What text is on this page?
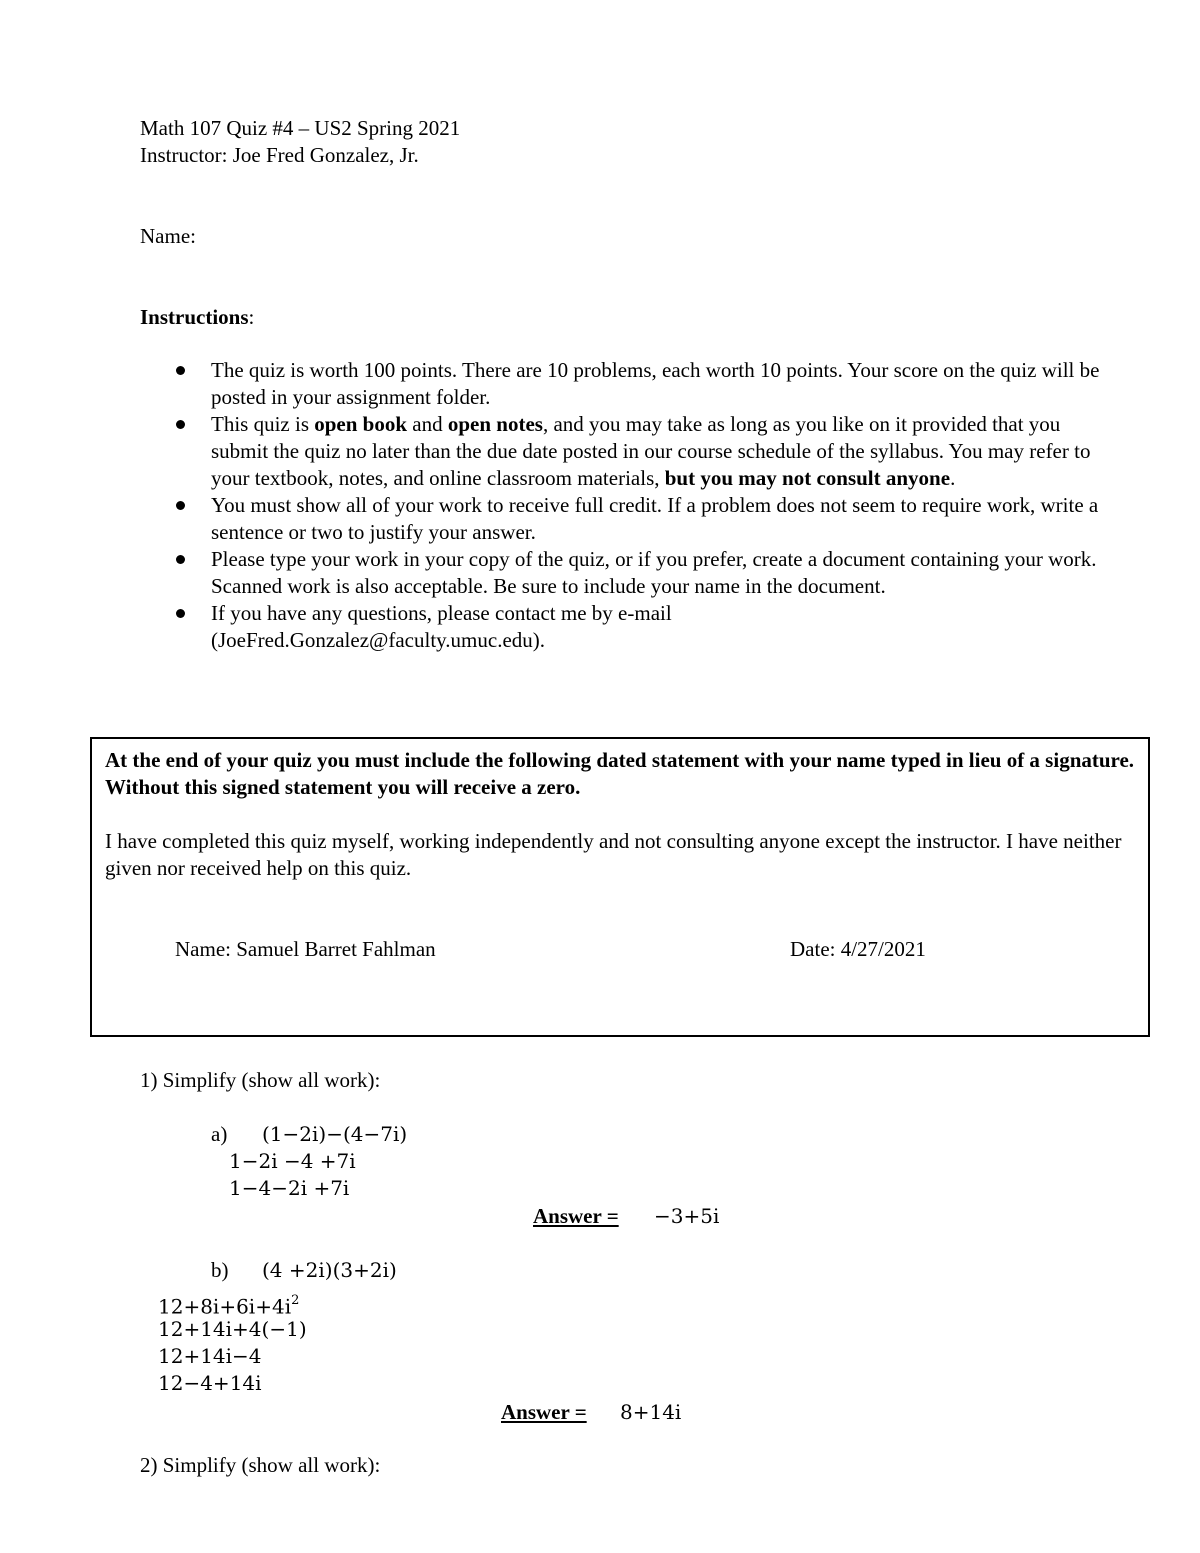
Math 107 Quiz #4 – US2 Spring 2021
Instructor: Joe Fred Gonzalez, Jr.
Name:
Instructions:
The quiz is worth 100 points. There are 10 problems, each worth 10 points. Your score on the quiz will be posted in your assignment folder.
This quiz is open book and open notes, and you may take as long as you like on it provided that you submit the quiz no later than the due date posted in our course schedule of the syllabus. You may refer to your textbook, notes, and online classroom materials, but you may not consult anyone.
You must show all of your work to receive full credit. If a problem does not seem to require work, write a sentence or two to justify your answer.
Please type your work in your copy of the quiz, or if you prefer, create a document containing your work. Scanned work is also acceptable. Be sure to include your name in the document.
If you have any questions, please contact me by e-mail
(JoeFred.Gonzalez@faculty.umuc.edu).
At the end of your quiz you must include the following dated statement with your name typed in lieu of a signature. Without this signed statement you will receive a zero.
I have completed this quiz myself, working independently and not consulting anyone except the instructor. I have neither given nor received help on this quiz.
Name: Samuel Barret Fahlman	Date: 4/27/2021
1) Simplify (show all work):
a) (1−2i)−(4−7i)
1−2i −4 +7i
1−4−2i +7i
Answer = −3+5i
b) (4 +2i)(3+2i)
$12+8i+6i+4i^2$
12+14i+4(−1)
12+14i−4
12−4+14i
Answer = 8+14i
2) Simplify (show all work):
